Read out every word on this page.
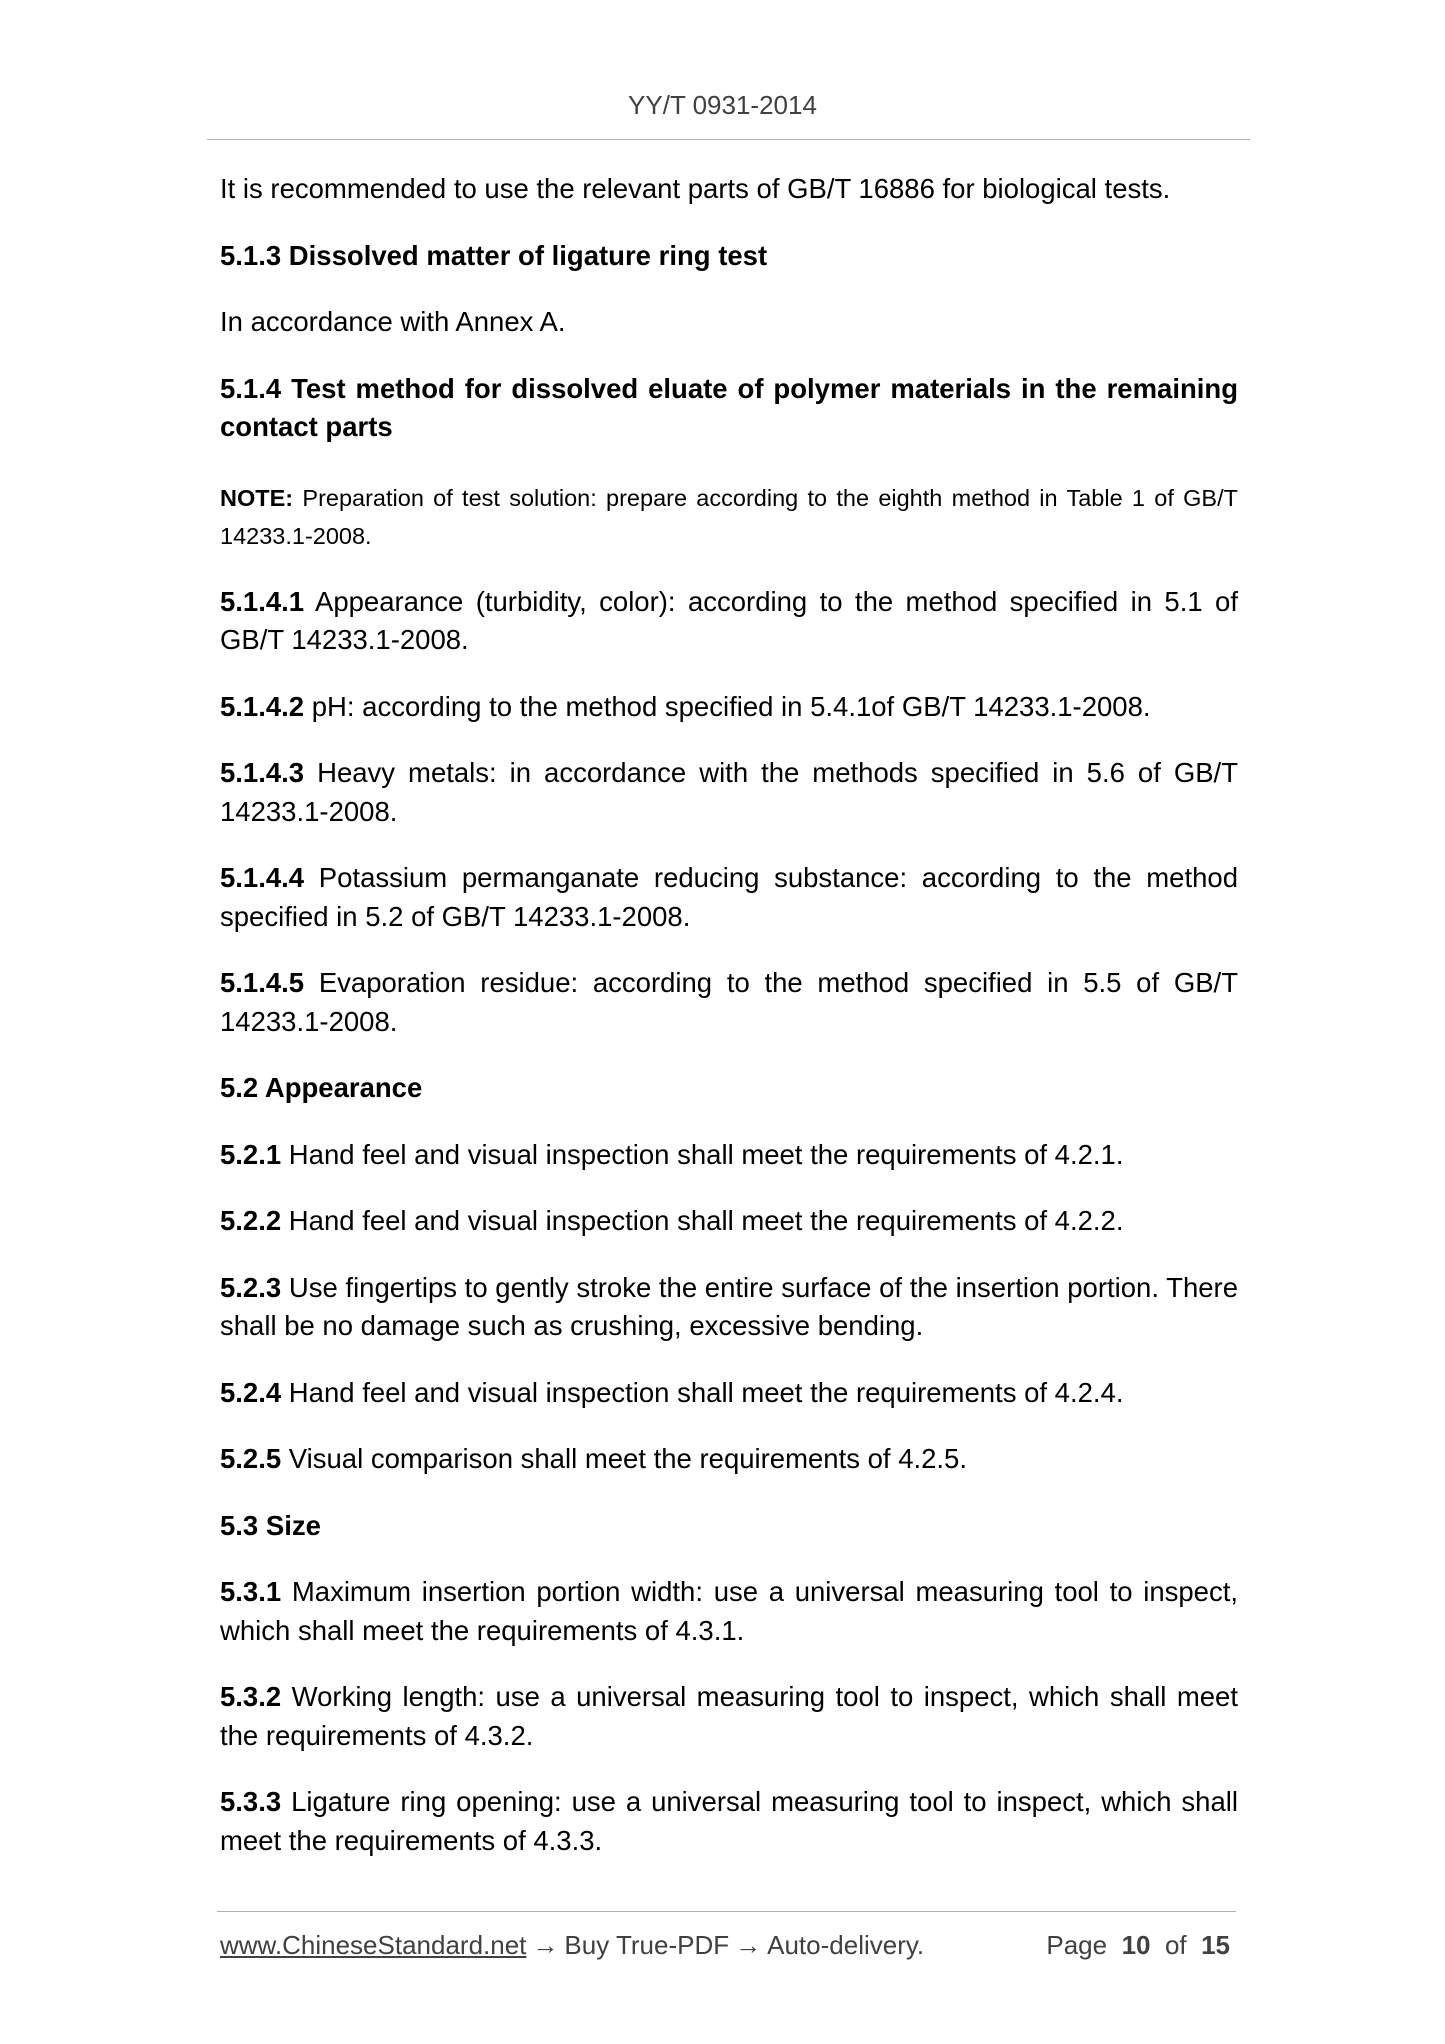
YY/T 0931-2014

It is recommended to use the relevant parts of GB/T 16886 for biological tests.

5.1.3 Dissolved matter of ligature ring test

In accordance with Annex A.

5.1.4 Test method for dissolved eluate of polymer materials in the remaining contact parts

NOTE: Preparation of test solution: prepare according to the eighth method in Table 1 of GB/T 14233.1-2008.

5.1.4.1 Appearance (turbidity, color): according to the method specified in 5.1 of GB/T 14233.1-2008.

5.1.4.2 pH: according to the method specified in 5.4.1of GB/T 14233.1-2008.

5.1.4.3 Heavy metals: in accordance with the methods specified in 5.6 of GB/T 14233.1-2008.

5.1.4.4 Potassium permanganate reducing substance: according to the method specified in 5.2 of GB/T 14233.1-2008.

5.1.4.5 Evaporation residue: according to the method specified in 5.5 of GB/T 14233.1-2008.

5.2 Appearance

5.2.1 Hand feel and visual inspection shall meet the requirements of 4.2.1.

5.2.2 Hand feel and visual inspection shall meet the requirements of 4.2.2.

5.2.3 Use fingertips to gently stroke the entire surface of the insertion portion. There shall be no damage such as crushing, excessive bending.

5.2.4 Hand feel and visual inspection shall meet the requirements of 4.2.4.

5.2.5 Visual comparison shall meet the requirements of 4.2.5.

5.3 Size

5.3.1 Maximum insertion portion width: use a universal measuring tool to inspect, which shall meet the requirements of 4.3.1.

5.3.2 Working length: use a universal measuring tool to inspect, which shall meet the requirements of 4.3.2.

5.3.3 Ligature ring opening: use a universal measuring tool to inspect, which shall meet the requirements of 4.3.3.

www.ChineseStandard.net → Buy True-PDF → Auto-delivery.	Page 10 of 15
